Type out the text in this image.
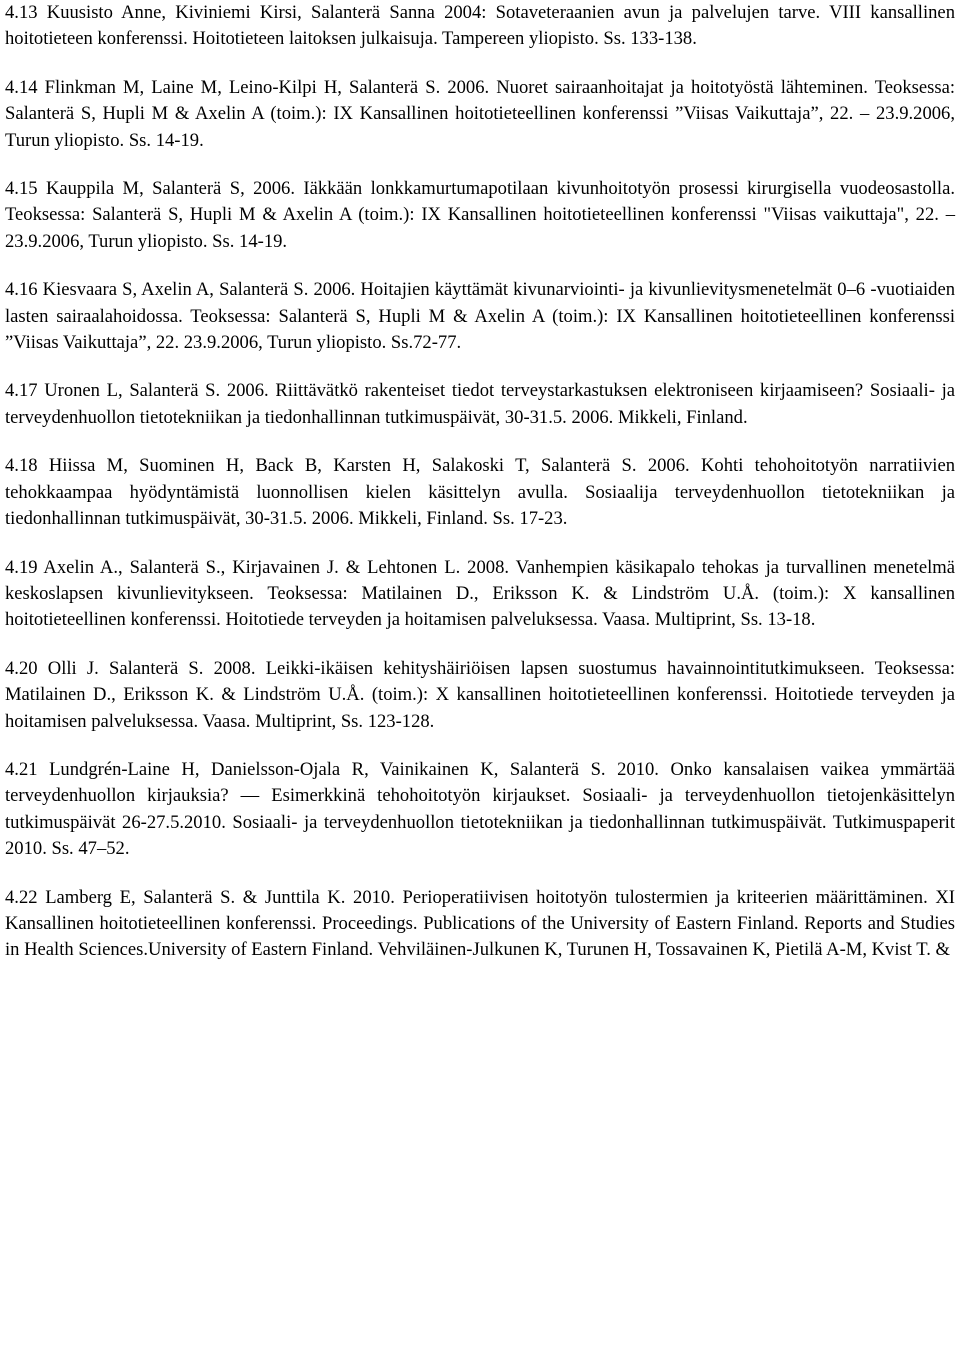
4.13 Kuusisto Anne, Kiviniemi Kirsi, Salanterä Sanna 2004: Sotaveteraanien avun ja palvelujen tarve. VIII kansallinen hoitotieteen konferenssi. Hoitotieteen laitoksen julkaisuja. Tampereen yliopisto. Ss. 133-138.

4.14 Flinkman M, Laine M, Leino-Kilpi H, Salanterä S. 2006. Nuoret sairaanhoitajat ja hoitotyöstä lähteminen. Teoksessa: Salanterä S, Hupli M & Axelin A (toim.): IX Kansallinen hoitotieteellinen konferenssi ”Viisas Vaikuttaja”, 22. – 23.9.2006, Turun yliopisto. Ss. 14-19.

4.15 Kauppila M, Salanterä S, 2006. Iäkkään lonkkamurtumapotilaan kivunhoitotyön prosessi kirurgisella vuodeosastolla. Teoksessa: Salanterä S, Hupli M & Axelin A (toim.): IX Kansallinen hoitotieteellinen konferenssi "Viisas vaikuttaja", 22. – 23.9.2006, Turun yliopisto. Ss. 14-19.

4.16 Kiesvaara S, Axelin A, Salanterä S. 2006. Hoitajien käyttämät kivunarviointi- ja kivunlievitysmenetelmät 0–6 -vuotiaiden lasten sairaalahoidossa. Teoksessa: Salanterä S, Hupli M & Axelin A (toim.): IX Kansallinen hoitotieteellinen konferenssi ”Viisas Vaikuttaja”, 22. 23.9.2006, Turun yliopisto. Ss.72-77.

4.17 Uronen L, Salanterä S. 2006. Riittävätkö rakenteiset tiedot terveystarkastuksen elektroniseen kirjaamiseen? Sosiaali- ja terveydenhuollon tietotekniikan ja tiedonhallinnan tutkimuspäivät, 30-31.5. 2006. Mikkeli, Finland.

4.18 Hiissa M, Suominen H, Back B, Karsten H, Salakoski T, Salanterä S. 2006. Kohti tehohoitotyön narratiivien tehokkaampaa hyödyntämistä luonnollisen kielen käsittelyn avulla. Sosiaalija terveydenhuollon tietotekniikan ja tiedonhallinnan tutkimuspäivät, 30-31.5. 2006. Mikkeli, Finland. Ss. 17-23.

4.19 Axelin A., Salanterä S., Kirjavainen J. & Lehtonen L. 2008. Vanhempien käsikapalo tehokas ja turvallinen menetelmä keskoslapsen kivunlievitykseen. Teoksessa: Matilainen D., Eriksson K. & Lindström U.Å. (toim.): X kansallinen hoitotieteellinen konferenssi. Hoitotiede terveyden ja hoitamisen palveluksessa. Vaasa. Multiprint, Ss. 13-18.

4.20 Olli J. Salanterä S. 2008. Leikki-ikäisen kehityshäiriöisen lapsen suostumus havainnointitutkimukseen. Teoksessa: Matilainen D., Eriksson K. & Lindström U.Å. (toim.): X kansallinen hoitotieteellinen konferenssi. Hoitotiede terveyden ja hoitamisen palveluksessa. Vaasa. Multiprint, Ss. 123-128.

4.21 Lundgrén-Laine H, Danielsson-Ojala R, Vainikainen K, Salanterä S. 2010. Onko kansalaisen vaikea ymmärtää terveydenhuollon kirjauksia? — Esimerkkinä tehohoitotyön kirjaukset. Sosiaali- ja terveydenhuollon tietojenkäsittelyn tutkimuspäivät 26-27.5.2010. Sosiaali- ja terveydenhuollon tietotekniikan ja tiedonhallinnan tutkimuspäivät. Tutkimuspaperit 2010. Ss. 47–52.

4.22 Lamberg E, Salanterä S. & Junttila K. 2010. Perioperatiivisen hoitotyön tulostermien ja kriteerien määrittäminen. XI Kansallinen hoitotieteellinen konferenssi. Proceedings. Publications of the University of Eastern Finland. Reports and Studies in Health Sciences.University of Eastern Finland. Vehviläinen-Julkunen K, Turunen H, Tossavainen K, Pietilä A-M, Kvist T. &
